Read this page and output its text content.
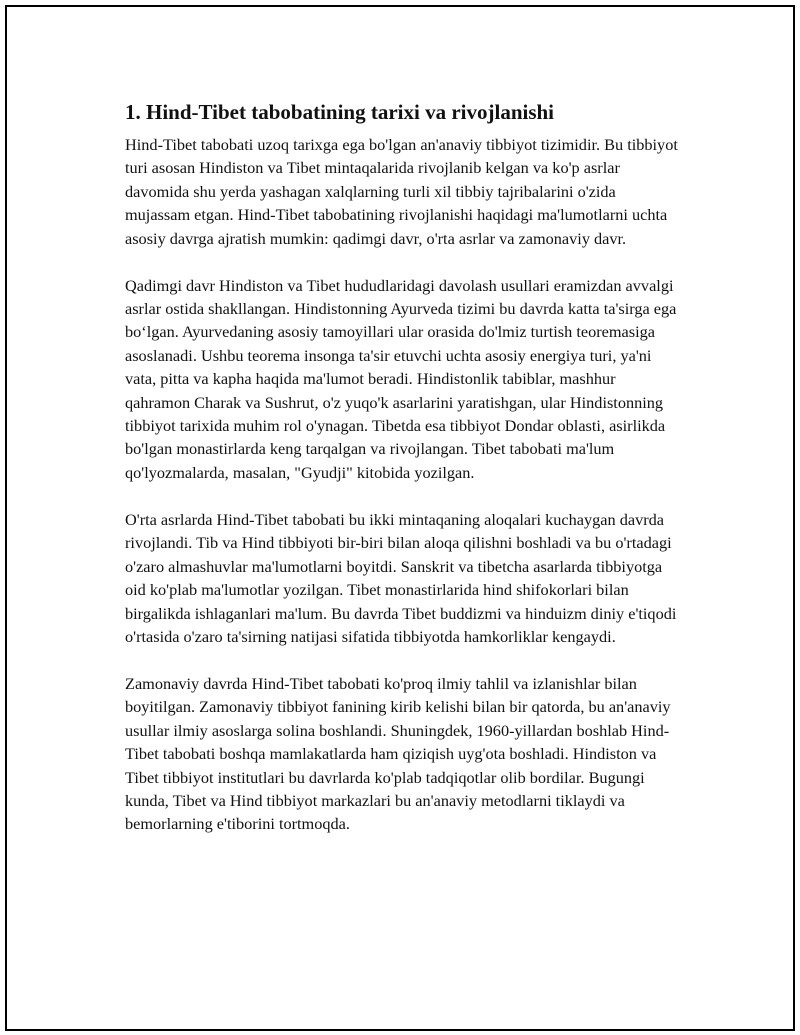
1. Hind-Tibet tabobatining tarixi va rivojlanishi

Hind-Tibet tabobati uzoq tarixga ega bo'lgan an'anaviy tibbiyot tizimidir. Bu tibbiyot turi asosan Hindiston va Tibet mintaqalarida rivojlanib kelgan va ko'p asrlar davomida shu yerda yashagan xalqlarning turli xil tibbiy tajribalarini o'zida mujassam etgan. Hind-Tibet tabobatining rivojlanishi haqidagi ma'lumotlarni uchta asosiy davrga ajratish mumkin: qadimgi davr, o'rta asrlar va zamonaviy davr.

Qadimgi davr Hindiston va Tibet hududlaridagi davolash usullari eramizdan avvalgi asrlar ostida shakllangan. Hindistonning Ayurveda tizimi bu davrda katta ta'sirga ega bo‘lgan. Ayurvedaning asosiy tamoyillari ular orasida do'lmiz turtish teoremasiga asoslanadi. Ushbu teorema insonga ta'sir etuvchi uchta asosiy energiya turi, ya'ni vata, pitta va kapha haqida ma'lumot beradi. Hindistonlik tabiblar, mashhur qahramon Charak va Sushrut, o'z yuqo'k asarlarini yaratishgan, ular Hindistonning tibbiyot tarixida muhim rol o'ynagan. Tibetda esa tibbiyot Dondar oblasti, asirlikda bo'lgan monastirlarda keng tarqalgan va rivojlangan. Tibet tabobati ma'lum qo'lyozmalarda, masalan, "Gyudji" kitobida yozilgan.

O'rta asrlarda Hind-Tibet tabobati bu ikki mintaqaning aloqalari kuchaygan davrda rivojlandi. Tib va Hind tibbiyoti bir-biri bilan aloqa qilishni boshladi va bu o'rtadagi o'zaro almashuvlar ma'lumotlarni boyitdi. Sanskrit va tibetcha asarlarda tibbiyotga oid ko'plab ma'lumotlar yozilgan. Tibet monastirlarida hind shifokorlari bilan birgalikda ishlaganlari ma'lum. Bu davrda Tibet buddizmi va hinduizm diniy e'tiqodi o'rtasida o'zaro ta'sirning natijasi sifatida tibbiyotda hamkorliklar kengaydi.

Zamonaviy davrda Hind-Tibet tabobati ko'proq ilmiy tahlil va izlanishlar bilan boyitilgan. Zamonaviy tibbiyot fanining kirib kelishi bilan bir qatorda, bu an'anaviy usullar ilmiy asoslarga solina boshlandi. Shuningdek, 1960-yillardan boshlab Hind-Tibet tabobati boshqa mamlakatlarda ham qiziqish uyg'ota boshladi. Hindiston va Tibet tibbiyot institutlari bu davrlarda ko'plab tadqiqotlar olib bordilar. Bugungi kunda, Tibet va Hind tibbiyot markazlari bu an'anaviy metodlarni tiklaydi va bemorlarning e'tiborini tortmoqda.
